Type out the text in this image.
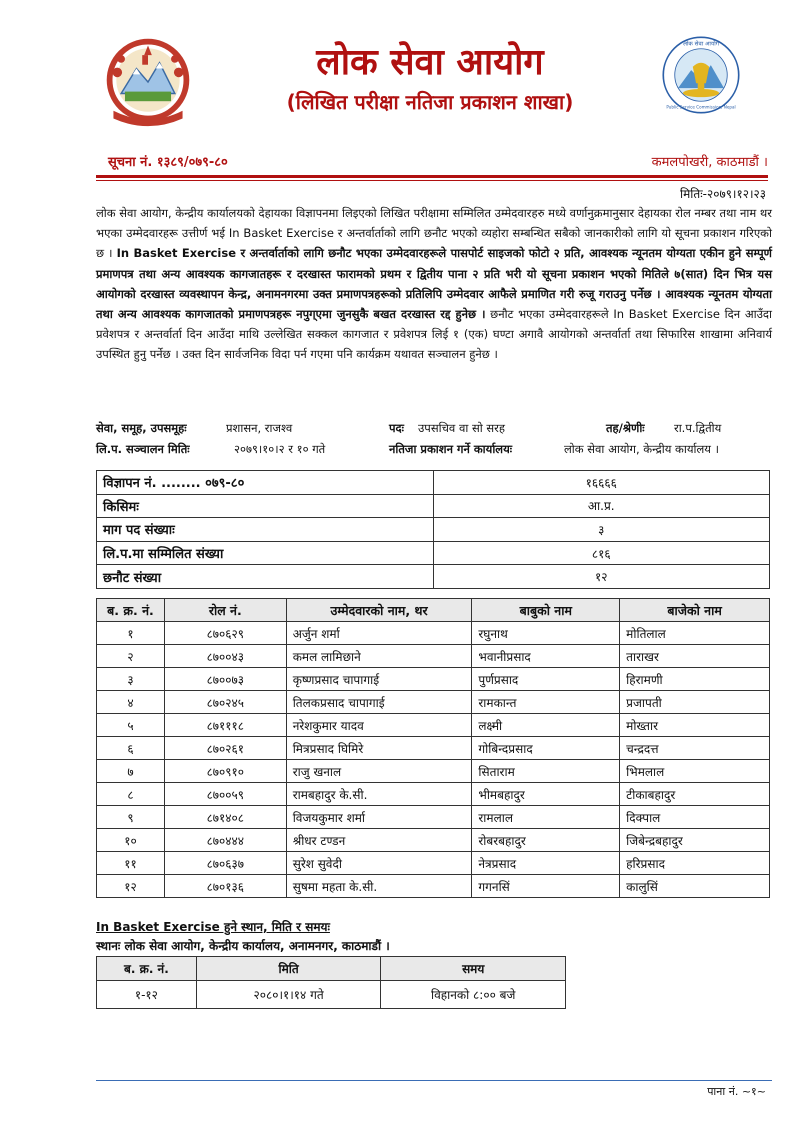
लोक सेवा आयोग
Public Service Commission, Nepal
लोक सेवा आयोग
(लिखित परीक्षा नतिजा प्रकाशन शाखा)
सूचना नं. १३८९/०७९-८०	कमलपोखरी, काठमाडौं ।
मितिः-२०७९।१२।२३
लोक सेवा आयोग, केन्द्रीय कार्यालयको देहायका विज्ञापनमा लिइएको लिखित परीक्षामा सम्मिलित उम्मेदवारहरु मध्ये वर्णानुक्रमानुसार देहायका रोल नम्बर तथा नाम थर भएका उम्मेदवारहरू उत्तीर्ण भई In Basket Exercise र अन्तर्वार्ताको लागि छनौट भएको व्यहोरा सम्बन्धित सबैको जानकारीको लागि यो सूचना प्रकाशन गरिएको छ । In Basket Exercise र अन्तर्वार्ताको लागि छनौट भएका उम्मेदवारहरूले पासपोर्ट साइजको फोटो २ प्रति, आवश्यक न्यूनतम योग्यता एकीन हुने सम्पूर्ण प्रमाणपत्र तथा अन्य आवश्यक कागजातहरू र दरखास्त फारामको प्रथम र द्वितीय पाना २ प्रति भरी यो सूचना प्रकाशन भएको मितिले ७(सात) दिन भित्र यस आयोगको दरखास्त व्यवस्थापन केन्द्र, अनामनगरमा उक्त प्रमाणपत्रहरूको प्रतिलिपि उम्मेदवार आफैले प्रमाणित गरी रुजू गराउनु पर्नेछ । आवश्यक न्यूनतम योग्यता तथा अन्य आवश्यक कागजातको प्रमाणपत्रहरू नपुग्एमा जुनसुकै बखत दरखास्त रद्द हुनेछ । छनौट भएका उम्मेदवारहरूले In Basket Exercise दिन आउँदा प्रवेशपत्र र अन्तर्वार्ता दिन आउँदा माथि उल्लेखित सक्कल कागजात र प्रवेशपत्र लिई १ (एक) घण्टा अगावै आयोगको अन्तर्वार्ता तथा सिफारिस शाखामा अनिवार्य उपस्थित हुनु पर्नेछ । उक्त दिन सार्वजनिक विदा पर्न गएमा पनि कार्यक्रम यथावत सञ्चालन हुनेछ ।
सेवा, समूह, उपसमूहः	प्रशासन, राजश्व	पदः उपसचिव वा सो सरह	तह/श्रेणीः	रा.प.द्वितीय
लि.प. सञ्चालन मितिः	२०७९।१०।२ र १० गते	नतिजा प्रकाशन गर्ने कार्यालयः	लोक सेवा आयोग, केन्द्रीय कार्यालय ।
विज्ञापन नं. ........ ०७९-८०	१६६६६
किसिमः	आ.प्र.
माग पद संख्याः	३
लि.प.मा सम्मिलित संख्या	८१६
छनौट संख्या	१२
ब. क्र. नं.	रोल नं.	उम्मेदवारको नाम, थर	बाबुको नाम	बाजेको नाम
१	८७०६२९	अर्जुन शर्मा	रघुनाथ	मोतिलाल
२	८७००४३	कमल लामिछाने	भवानीप्रसाद	ताराखर
३	८७००७३	कृष्णप्रसाद चापागाई	पुर्णप्रसाद	हिरामणी
४	८७०२४५	तिलकप्रसाद चापागाई	रामकान्त	प्रजापती
५	८७१११८	नरेशकुमार यादव	लक्ष्मी	मोख्तार
६	८७०२६१	मित्रप्रसाद घिमिरे	गोबिन्दप्रसाद	चन्द्रदत्त
७	८७०९१०	राजु खनाल	सिताराम	भिमलाल
८	८७००५९	रामबहादुर के.सी.	भीमबहादुर	टीकाबहादुर
९	८७१४०८	विजयकुमार शर्मा	रामलाल	दिक्पाल
१०	८७०४४४	श्रीधर टण्डन	रोबरबहादुर	जिबेन्द्रबहादुर
११	८७०६३७	सुरेश सुवेदी	नेत्रप्रसाद	हरिप्रसाद
१२	८७०१३६	सुषमा महता के.सी.	गगनसिं	कालुसिं
In Basket Exercise हुने स्थान, मिति र समयः
स्थानः लोक सेवा आयोग, केन्द्रीय कार्यालय, अनामनगर, काठमाडौं ।
ब. क्र. नं.	मिति	समय
१-१२	२०८०।१।१४ गते	विहानको ८:०० बजे
पाना नं. ~१~
